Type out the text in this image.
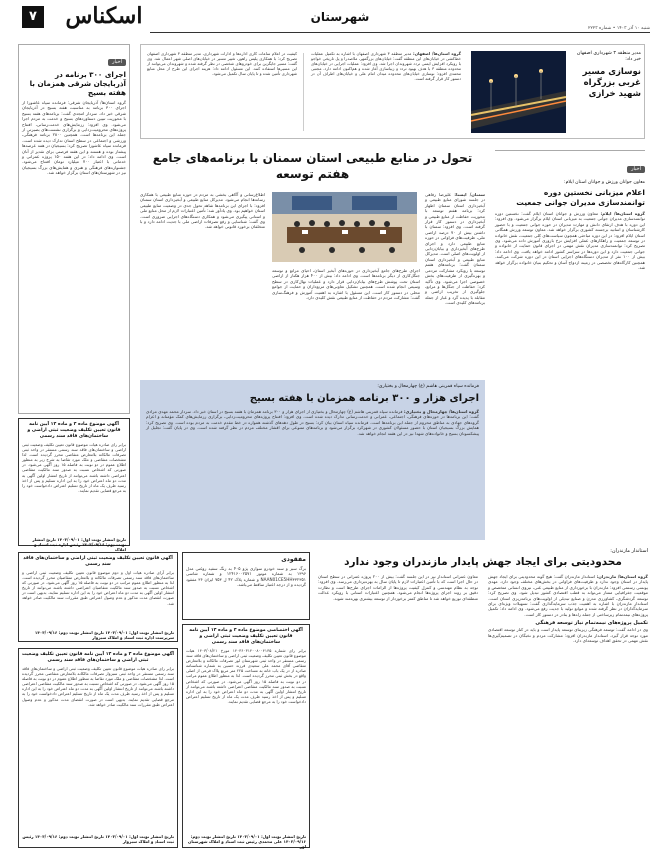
۷	اسکناس	شهرستان
شنبه ۱۰ آذر ۱۴۰۳ • شماره ۲۲۲۳
اخبار
اجرای ۳۰۰ برنامه در آذربایجان شرقی همزمان با هفته بسیج
گروه استان‌ها/ آذربایجان شرقی: فرمانده سپاه عاشورا از اجرای ۳۰۰ برنامه به مناسبت هفته بسیج در آذربایجان شرقی خبر داد. سردار امجدی گفت: برنامه‌های هفته بسیج با محوریت تبیین دستاوردهای بسیج و خدمت به مردم اجرا می‌شود. وی افزود: رزمایش‌های خدمت‌رسانی، افتتاح پروژه‌های محرومیت‌زدایی و برگزاری نشست‌های بصیرتی از جمله این برنامه‌ها است. همچنین ۲۸۰۰ برنامه فرهنگی، ورزشی و اجتماعی در سطح استان تدارک دیده شده است. فرمانده سپاه عاشورا تصریح کرد: بسیجیان در همه عرصه‌ها پیشتاز بوده و هستند و این هفته فرصتی برای تقدیر از آنان است. وی ادامه داد: در این هفته ۱۵۰ پروژه عمرانی و خدماتی با اعتبار ۷۰۰ میلیارد تومان افتتاح می‌شود. جشنواره‌های فرهنگی و هنری و همایش‌های بزرگ بسیجیان نیز در شهرستان‌های استان برگزار خواهد شد.
کیفیت در اعلام ساعات کاری اداره‌ها و ادارات شهرداری، مدیر منطقه ۳ شهرداری اصفهان تصریح کرد: با همکاری پلیس راهور، تغییر مسیر در خیابان‌های اصلی شهر اعمال شد. وی گفت: مسیر جایگزین برای خودروهای شخصی در نظر گرفته شده و شهروندان می‌توانند از این مسیرها استفاده کنند. این مسئول ادامه داد: هزینه اجرای این طرح از محل منابع شهرداری تأمین شده و تا پایان سال تکمیل می‌شود.
گروه استان‌ها/ اصفهان: مدیر منطقه ۳ شهرداری اصفهان با اشاره به تکمیل عملیات خط‌کشی در خیابان‌های این منطقه گفت: خیابان‌های بزرگمهر، ملاصدرا و پل تاریخی خواجو با رویکرد افزایش ایمنی تردد شهروندان اجرا شد. وی افزود: عملیات اجرایی در خیابان‌های محدوده منطقه ۳ با هدف بهبود تردد و زیباسازی آغاز شده و هم‌اکنون ادامه دارد. مجتبی محمدی افزود: نوسازی خیابان‌های محدوده میدان امام علی و خیابان‌های اطراف آن در دستور کار قرار گرفته است.
مدیر منطقه ۳ شهرداری اصفهان خبر داد:
نوسازی مسیر غربی بزرگراه شهید خرازی
تحول در منابع طبیعی استان سمنان با برنامه‌های جامع هفتم توسعه
سمنان/ ایسنا: علیرضا رفاهی در جلسه شورای منابع طبیعی و آبخیزداری استان سمنان اظهار کرد: برنامه هفتم توسعه با محوریت حفاظت از منابع طبیعی و آبخیزداری در دستور کار قرار گرفته است. وی افزود: سمنان با داشتن بیش از ۷۰ درصد اراضی ملی، ظرفیت‌های فراوانی در حوزه منابع طبیعی دارد و اجرای طرح‌های آبخیزداری و بیابان‌زدایی از اولویت‌های اصلی است. مدیرکل منابع طبیعی و آبخیزداری استان سمنان گفت: برنامه‌های هفتم توسعه با رویکرد مشارکت مردمی و بهره‌گیری از ظرفیت‌های بخش خصوصی اجرا می‌شود. وی تأکید کرد: حفاظت از جنگل‌ها و مراتع، جلوگیری از تخریب اراضی و مقابله با پدیده گرد و غبار از جمله برنامه‌های کلیدی است.
اجرای طرح‌های جامع آبخیزداری در حوزه‌های آبخیز استان، احیای مراتع و توسعه جنگل‌کاری از دیگر برنامه‌ها است. وی ادامه داد: بیش از ۴۰۰ هزار هکتار از اراضی استان تحت پوشش طرح‌های بیابان‌زدایی قرار دارد و عملیات نهال‌کاری در سطح وسیعی انجام شده است. همچنین تشکیل تعاونی‌های مرتع‌داران و حمایت از جوامع محلی در دستور کار است. این مسئول با اشاره به اهمیت آموزش و فرهنگ‌سازی گفت: مشارکت مردم در حفاظت از منابع طبیعی نقش کلیدی دارد.
اطلاع‌رسانی و آگاهی بخشی به مردم در حوزه منابع طبیعی با همکاری رسانه‌ها انجام می‌شود. مدیرکل منابع طبیعی و آبخیزداری استان سمنان افزود: با اجرای این برنامه‌ها شاهد تحول جدی در وضعیت منابع طبیعی استان خواهیم بود. وی یادآور شد: تأمین اعتبارات لازم از محل منابع ملی و استانی پیگیری می‌شود و همکاری دستگاه‌های اجرایی ضروری است. وی گفت: شناسایی و رفع تصرفات اراضی ملی با جدیت ادامه دارد و با متخلفان برخورد قانونی خواهد شد.
اخبار
معاون جوانان ورزش و جوانان استان ایلام:
اعلام میزبانی نخستین دوره توانمندسازی مدیران جوانی جمعیت
گروه استان‌ها/ ایلام: معاون ورزش و جوانان استان ایلام گفت: نخستین دوره توانمندسازی مدیران جوانی جمعیت به میزبانی استان ایلام برگزار می‌شود. وی افزود: این دوره با هدف ارتقای دانش و مهارت مدیران در حوزه جوانی جمعیت و با حضور کارشناسان و اساتید برجسته کشوری برگزار خواهد شد. معاون توسعه ورزش همگانی استان ایلام افزود: در این دوره مباحثی همچون سیاست‌های کلی جمعیت، نقش خانواده در توسعه جمعیت و راهکارهای عملی افزایش نرخ باروری آموزش داده می‌شود. وی تصریح کرد: توانمندسازی مدیران نقش مهمی در اجرای قانون حمایت از خانواده و جوانی جمعیت دارد و این دوره‌ها در سراسر کشور ادامه خواهد یافت. وی ادامه داد: بیش از ۱۰۰ نفر از مدیران دستگاه‌های اجرایی استان در این دوره شرکت می‌کنند. همچنین کارگاه‌های تخصصی در زمینه ازدواج آسان و تحکیم بنیان خانواده برگزار خواهد شد.
فرمانده سپاه قمربنی هاشم (ع) چهارمحال و بختیاری:
اجرای هزار و ۳۰۰ برنامه همزمان با هفته بسیج
گروه استان‌ها/ چهارمحال و بختیاری: فرمانده سپاه قمربنی هاشم (ع) چهارمحال و بختیاری از اجرای هزار و ۳۰۰ برنامه همزمان با هفته بسیج در استان خبر داد. سردار محمد مهدی مرادی گفت: این برنامه‌ها در حوزه‌های فرهنگی، اجتماعی، عمرانی و خدمت‌رسانی تدارک دیده شده است. وی افزود: افتتاح پروژه‌های محرومیت‌زدایی، برگزاری رزمایش‌های کمک مؤمنانه و اعزام گروه‌های جهادی به مناطق محروم از جمله این برنامه‌ها است. فرمانده سپاه استان بیان کرد: بسیج در طول دهه‌های گذشته همواره در خط مقدم خدمت به مردم بوده است. وی تصریح کرد: همایش بزرگ بسیجیان استان با حضور مسئولان کشوری در شهرکرد برگزار می‌شود و برنامه‌های متنوعی برای اقشار مختلف مردم در نظر گرفته شده است. وی در پایان گفت: تجلیل از پیشکسوتان بسیج و خانواده‌های شهدا نیز در این هفته انجام خواهد شد.
آگهی موضوع ماده ۳ و ماده ۱۳ آیین نامه قانون تعیین تکلیف وضعیت ثبتی اراضی و ساختمان‌های فاقد سند رسمی
برابر رای صادره هیات موضوع قانون تعیین تکلیف وضعیت ثبتی اراضی و ساختمان‌های فاقد سند رسمی مستقر در واحد ثبتی تصرفات مالکانه بلامعارض متقاضی محرز گردیده است. لذا مشخصات متقاضی و ملک مورد تقاضا به شرح زیر به منظور اطلاع عموم در دو نوبت به فاصله ۱۵ روز آگهی می‌شود. در صورتی که اشخاص نسبت به صدور سند مالکیت متقاضی اعتراضی داشته باشند می‌توانند از تاریخ انتشار اولین آگهی به مدت دو ماه اعتراض خود را به این اداره تسلیم و پس از اخذ رسید ظرف یک ماه از تاریخ تسلیم اعتراض دادخواست خود را به مرجع قضایی تقدیم نمایند.
تاریخ انتشار نوبت اول: ۱۴۰۳/۰۹/۰۱ تاریخ انتشار نوبت دوم: ۱۴۰۳/۰۹/۱۶ رئیس اداره ثبت اسناد و املاک
آگهی قانون تعیین تکلیف وضعیت ثبتی اراضی و ساختمان‌های فاقد سند رسمی
برابر آرای صادره هیات اول و دوم موضوع قانون تعیین تکلیف وضعیت ثبتی اراضی و ساختمان‌های فاقد سند رسمی تصرفات مالکانه و بلامعارض متقاضیان محرز گردیده است. لذا به منظور اطلاع عموم مراتب در دو نوبت به فاصله ۱۵ روز آگهی می‌شود. در صورتی که اشخاص نسبت به صدور سند مالکیت متقاضیان اعتراضی داشته باشند می‌توانند از تاریخ انتشار اولین آگهی به مدت دو ماه اعتراض خود را به این اداره تسلیم نمایند. بدیهی است در صورت انقضای مدت مذکور و عدم وصول اعتراض طبق مقررات سند مالکیت صادر خواهد شد.
تاریخ انتشار نوبت اول: ۱۴۰۳/۰۹/۰۱ تاریخ انتشار نوبت دوم: ۱۴۰۳/۰۹/۱۶ سرپرست اداره ثبت اسناد و املاک سبزوار
آگهی موضوع ماده ۳ و ماده ۱۳ آیین نامه قانون تعیین تکلیف وضعیت ثبتی اراضی و ساختمان‌های فاقد سند رسمی
برابر رای صادره هیات موضوع قانون تعیین تکلیف وضعیت ثبتی اراضی و ساختمان‌های فاقد سند رسمی مستقر در واحد ثبتی سبزوار تصرفات مالکانه بلامعارض متقاضی محرز گردیده است. لذا مشخصات متقاضی و ملک مورد تقاضا به منظور اطلاع عموم در دو نوبت به فاصله ۱۵ روز آگهی می‌شود. در صورتی که اشخاص نسبت به صدور سند مالکیت متقاضی اعتراضی داشته باشند می‌توانند از تاریخ انتشار اولین آگهی به مدت دو ماه اعتراض خود را به این اداره تسلیم و پس از اخذ رسید ظرف مدت یک ماه از تاریخ تسلیم اعتراض دادخواست خود را به مرجع قضایی تقدیم نمایند. بدیهی است در صورت انقضای مدت مذکور و عدم وصول اعتراض طبق مقررات سند مالکیت صادر خواهد شد.
تاریخ انتشار نوبت اول: ۱۴۰۳/۰۹/۰۱ تاریخ انتشار نوبت دوم: ۱۴۰۳/۰۹/۱۶ رئیس ثبت اسناد و املاک سبزوار
مفقودی
برگ سبز و سند خودرو سواری پژو ۴۰۵ به رنگ سفید روغنی مدل ۱۳۹۶ به شماره موتور ۱۲۴۱۶۰۰۲۵۷۱ و شماره شاسی NAAN01CE5HH۳۳۲۳۵۱ و شماره پلاک ۴۲ ل ۷۵۳ ایران ۳۶ مفقود گردیده و از درجه اعتبار ساقط می‌باشد.
آگهی اختصاصی موضوع ماده ۳ و ماده ۱۳ آیین نامه قانون تعیین تکلیف وضعیت ثبتی اراضی و ساختمان‌های فاقد سند رسمی
برابر رای شماره ۱۴۰۳۶۰۳۱۴۰۰۸۰۰۴۱۳۵ مورخ ۱۴۰۳/۰۸/۲۱ هیات موضوع قانون تعیین تکلیف وضعیت ثبتی اراضی و ساختمان‌های فاقد سند رسمی مستقر در واحد ثبتی شهرستان لور تصرفات مالکانه و بلامعارض متقاضی آقای محمد علی سعیدی فرزند حسین به شماره شناسنامه صادره از در یک باب خانه به مساحت ۲۲۵ متر مربع پلاک فرعی از اصلی واقع در بخش ثبتی محرز گردیده است. لذا به منظور اطلاع عموم مراتب در دو نوبت به فاصله ۱۵ روز آگهی می‌شود. در صورتی که اشخاص نسبت به صدور سند مالکیت متقاضی اعتراضی داشته باشند می‌توانند از تاریخ انتشار اولین آگهی به مدت دو ماه اعتراض خود را به این اداره تسلیم و پس از اخذ رسید ظرف مدت یک ماه از تاریخ تسلیم اعتراض دادخواست خود را به مرجع قضایی تقدیم نمایند.
تاریخ انتشار نوبت اول: ۱۴۰۳/۰۹/۰۱ تاریخ انتشار نوبت دوم: ۱۴۰۳/۰۹/۱۶ علی محمدی رئیس ثبت اسناد و املاک شهرستان لور
استاندار مازندران:
محدودیتی برای ایجاد جهش پایدار مازندران وجود ندارد
گروه استان‌ها/ مازندران: استاندار مازندران گفت: هیچ گونه محدودیتی برای ایجاد جهش پایدار در استان وجود ندارد و ظرفیت‌های فراوانی در بخش‌های مختلف وجود دارد. مهدی یونسی رستمی افزود: مازندران با برخورداری از منابع طبیعی غنی، نیروی انسانی متخصص و موقعیت جغرافیایی ممتاز می‌تواند به قطب اقتصادی کشور تبدیل شود. وی تصریح کرد: توسعه گردشگری، کشاورزی مدرن و صنایع تبدیلی از اولویت‌های برنامه‌ریزی استان است. استاندار مازندران با اشاره به اهمیت جذب سرمایه‌گذاری گفت: تسهیلات ویژه‌ای برای سرمایه‌گذاران در نظر گرفته شده و موانع تولید با جدیت رفع می‌شود. وی ادامه داد: تکمیل پروژه‌های نیمه‌تمام زیرساختی از جمله راه‌ها و بنادر در دستور کار است.
تکمیل پروژه‌های نیمه‌تمام نیاز توسعه فرهنگی
وی در ادامه گفت: توسعه فرهنگی زیربنای توسعه پایدار است و باید در کنار توسعه اقتصادی مورد توجه قرار گیرد. استاندار مازندران افزود: مشارکت مردم و نخبگان در تصمیم‌گیری‌ها نقش مهمی در تحقق اهداف توسعه‌ای دارد.
معاون عمرانی استاندار نیز در این جلسه گفت: بیش از ۲۰۰ پروژه عمرانی در سطح استان در حال اجرا است که با تأمین اعتبارات لازم تا پایان سال به بهره‌برداری می‌رسد. وی افزود: توجه به نظام مهندسی و کنترل کیفیت پروژه‌ها از الزامات اجرای طرح‌ها است و نظارت دقیق بر روند اجرای پروژه‌ها انجام می‌شود. همچنین اعتبارات استانی با رویکرد عدالت منطقه‌ای توزیع خواهد شد تا مناطق کمتر برخوردار از توسعه بیشتری بهره‌مند شوند.
